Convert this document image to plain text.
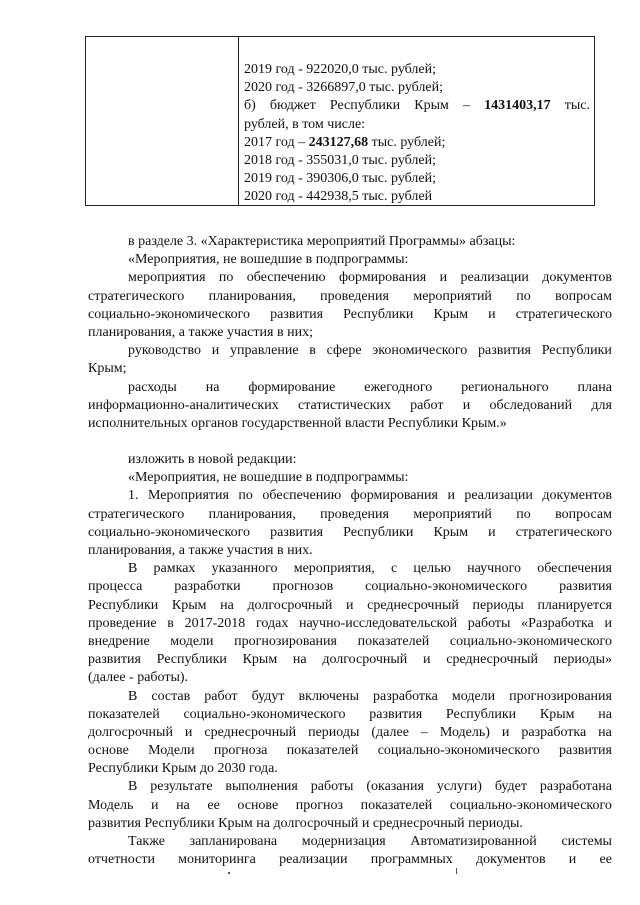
2019 год - 922020,0 тыс. рублей;
2020 год - 3266897,0 тыс. рублей;
б) бюджет Республики Крым – 1431403,17 тыс.
рублей, в том числе:
2017 год – 243127,68 тыс. рублей;
2018 год - 355031,0 тыс. рублей;
2019 год - 390306,0 тыс. рублей;
2020 год - 442938,5 тыс. рублей
в разделе 3. «Характеристика мероприятий Программы» абзацы:
«Мероприятия, не вошедшие в подпрограммы:
мероприятия по обеспечению формирования и реализации документов
стратегического планирования, проведения мероприятий по вопросам
социально-экономического развития Республики Крым и стратегического
планирования, а также участия в них;
руководство и управление в сфере экономического развития Республики
Крым;
расходы на формирование ежегодного регионального плана
информационно-аналитических статистических работ и обследований для
исполнительных органов государственной власти Республики Крым.»
изложить в новой редакции:
«Мероприятия, не вошедшие в подпрограммы:
1. Мероприятия по обеспечению формирования и реализации документов
стратегического планирования, проведения мероприятий по вопросам
социально-экономического развития Республики Крым и стратегического
планирования, а также участия в них.
В рамках указанного мероприятия, с целью научного обеспечения
процесса разработки прогнозов социально-экономического развития
Республики Крым на долгосрочный и среднесрочный периоды планируется
проведение в 2017-2018 годах научно-исследовательской работы «Разработка и
внедрение модели прогнозирования показателей социально-экономического
развития Республики Крым на долгосрочный и среднесрочный периоды»
(далее - работы).
В состав работ будут включены разработка модели прогнозирования
показателей социально-экономического развития Республики Крым на
долгосрочный и среднесрочный периоды (далее – Модель) и разработка на
основе Модели прогноза показателей социально-экономического развития
Республики Крым до 2030 года.
В результате выполнения работы (оказания услуги) будет разработана
Модель и на ее основе прогноз показателей социально-экономического
развития Республики Крым на долгосрочный и среднесрочный периоды.
Также запланирована модернизация Автоматизированной системы
отчетности мониторинга реализации программных документов и ее
